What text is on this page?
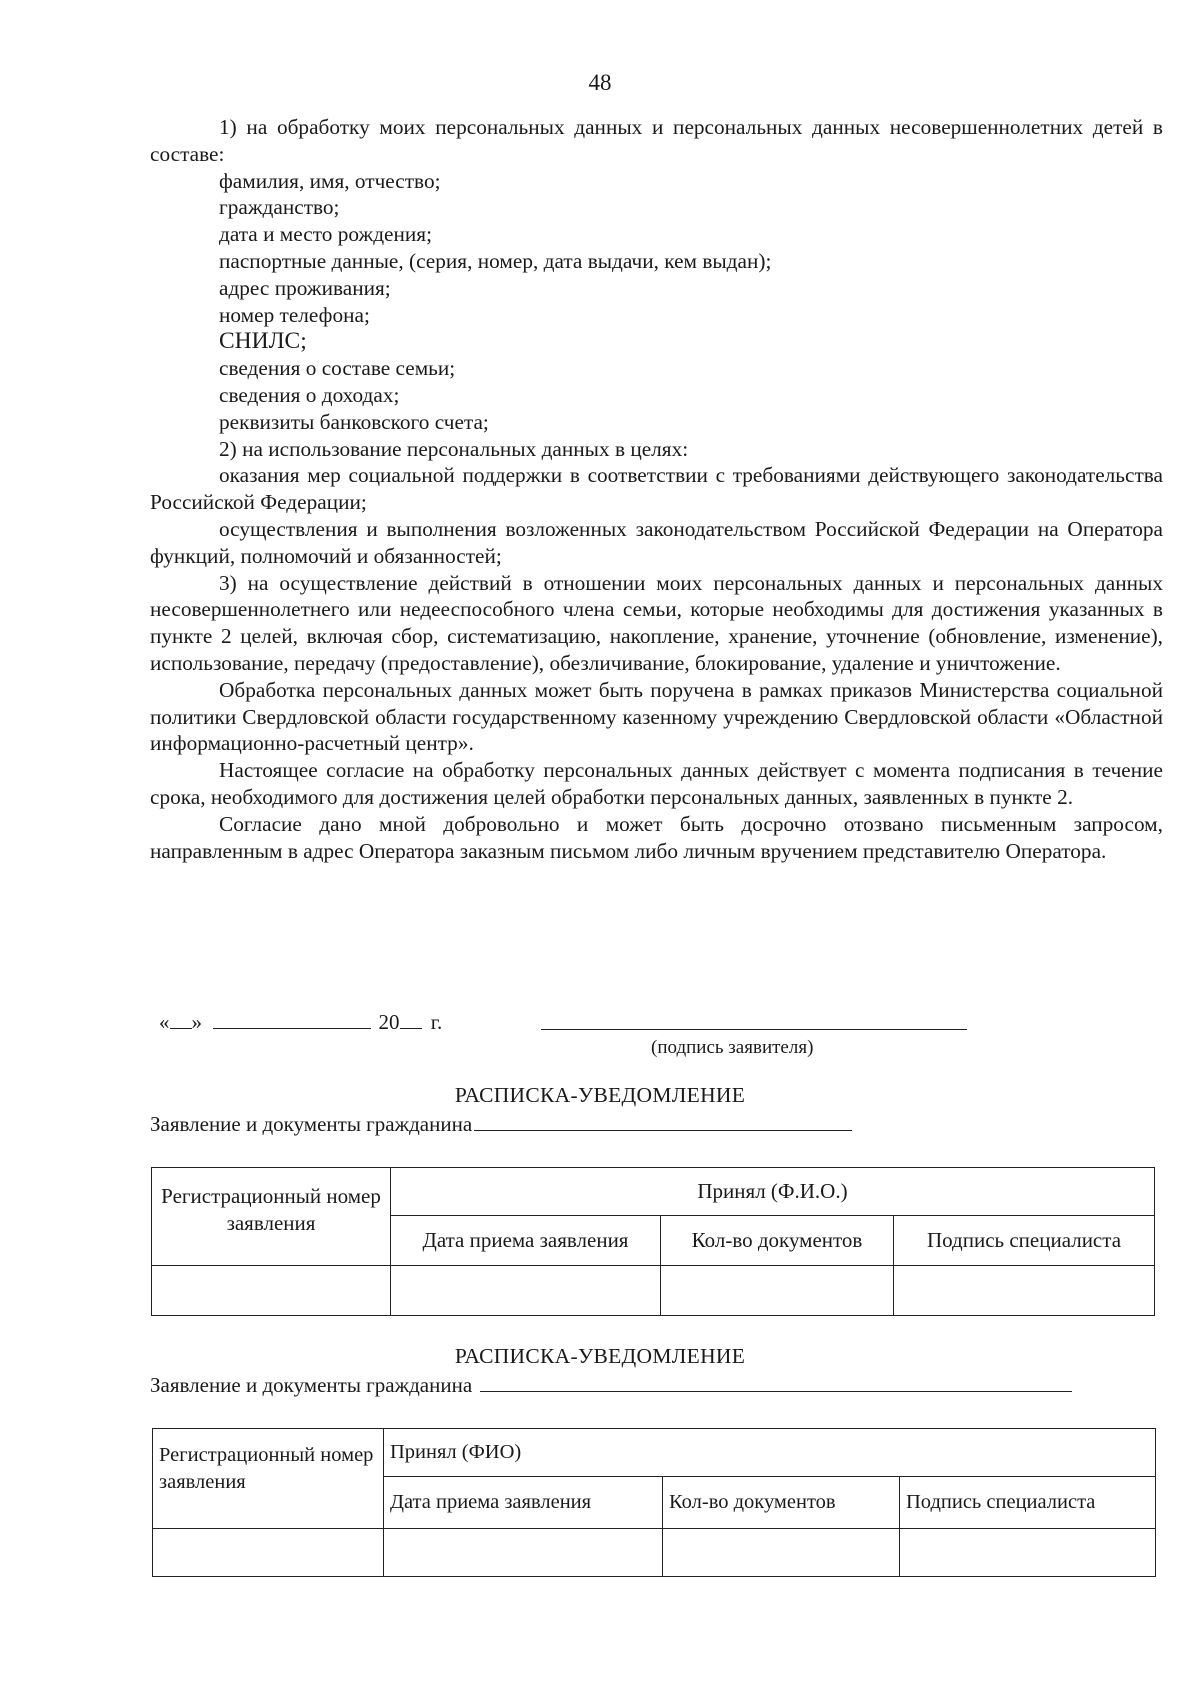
48

1) на обработку моих персональных данных и персональных данных несовершеннолетних детей в составе:

фамилия, имя, отчество;

гражданство;

дата и место рождения;

паспортные данные, (серия, номер, дата выдачи, кем выдан);

адрес проживания;

номер телефона;

СНИЛС;

сведения о составе семьи;

сведения о доходах;

реквизиты банковского счета;

2) на использование персональных данных в целях:

оказания мер социальной поддержки в соответствии с требованиями действующего законодательства Российской Федерации;

осуществления и выполнения возложенных законодательством Российской Федерации на Оператора функций, полномочий и обязанностей;

3) на осуществление действий в отношении моих персональных данных и персональных данных несовершеннолетнего или недееспособного члена семьи, которые необходимы для достижения указанных в пункте 2 целей, включая сбор, систематизацию, накопление, хранение, уточнение (обновление, изменение), использование, передачу (предоставление), обезличивание, блокирование, удаление и уничтожение.

Обработка персональных данных может быть поручена в рамках приказов Министерства социальной политики Свердловской области государственному казенному учреждению Свердловской области «Областной информационно-расчетный центр».

Настоящее согласие на обработку персональных данных действует с момента подписания в течение срока, необходимого для достижения целей обработки персональных данных, заявленных в пункте 2.

Согласие дано мной добровольно и может быть досрочно отозвано письменным запросом, направленным в адрес Оператора заказным письмом либо личным вручением представителю Оператора.

« »	20 г.
(подпись заявителя)
РАСПИСКА-УВЕДОМЛЕНИЕ
Заявление и документы гражданина
Регистрационный номер заявления	Принял (Ф.И.О.)		
	Дата приема заявления	Кол-во документов	Подпись специалиста

РАСПИСКА-УВЕДОМЛЕНИЕ
Заявление и документы гражданина
Регистрационный номер заявления	Принял (ФИО)		
	Дата приема заявления	Кол-во документов	Подпись специалиста
